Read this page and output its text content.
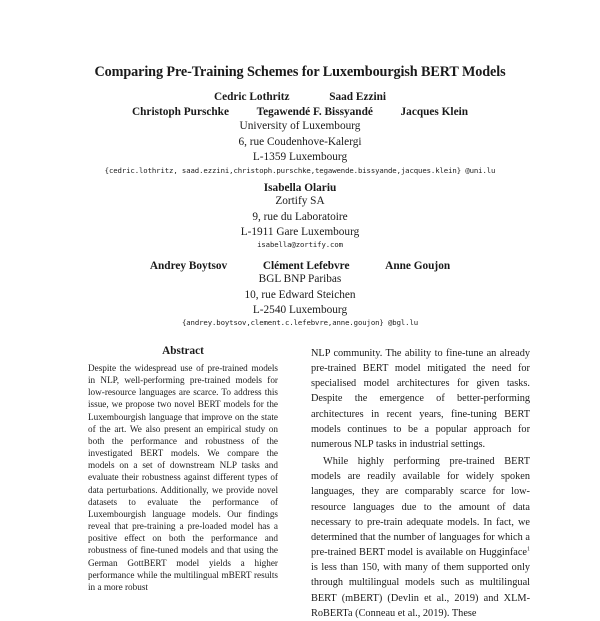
Comparing Pre-Training Schemes for Luxembourgish BERT Models
Cedric Lothritz	Saad Ezzini
Christoph Purschke Tegawendé F. Bissyandé Jacques Klein
University of Luxembourg
6, rue Coudenhove-Kalergi
L-1359 Luxembourg
{cedric.lothritz, saad.ezzini,christoph.purschke,tegawende.bissyande,jacques.klein} @uni.lu
Isabella Olariu
Zortify SA
9, rue du Laboratoire
L-1911 Gare Luxembourg
isabella@zortify.com
Andrey Boytsov	Clément Lefebvre	Anne Goujon
BGL BNP Paribas
10, rue Edward Steichen
L-2540 Luxembourg
{andrey.boytsov,clement.c.lefebvre,anne.goujon} @bgl.lu
Abstract
Despite the widespread use of pre-trained models in NLP, well-performing pre-trained models for low-resource languages are scarce. To address this issue, we propose two novel BERT models for the Luxembourgish language that improve on the state of the art. We also present an empirical study on both the performance and robustness of the investigated BERT models. We compare the models on a set of downstream NLP tasks and evaluate their robustness against different types of data perturbations. Additionally, we provide novel datasets to evaluate the performance of Luxembourgish language models. Our findings reveal that pre-training a pre-loaded model has a positive effect on both the performance and robustness of fine-tuned models and that using the German GottBERT model yields a higher performance while the multilingual mBERT results in a more robust

NLP community. The ability to fine-tune an already pre-trained BERT model mitigated the need for specialised model architectures for given tasks. Despite the emergence of better-performing architectures in recent years, fine-tuning BERT models continues to be a popular approach for numerous NLP tasks in industrial settings.

While highly performing pre-trained BERT models are readily available for widely spoken languages, they are comparably scarce for low-resource languages due to the amount of data necessary to pre-train adequate models. In fact, we determined that the number of languages for which a pre-trained BERT model is available on Hugginface$^1$ is less than 150, with many of them supported only through multilingual models such as multilingual BERT (mBERT) (Devlin et al., 2019) and XLM-RoBERTa (Conneau et al., 2019). These
